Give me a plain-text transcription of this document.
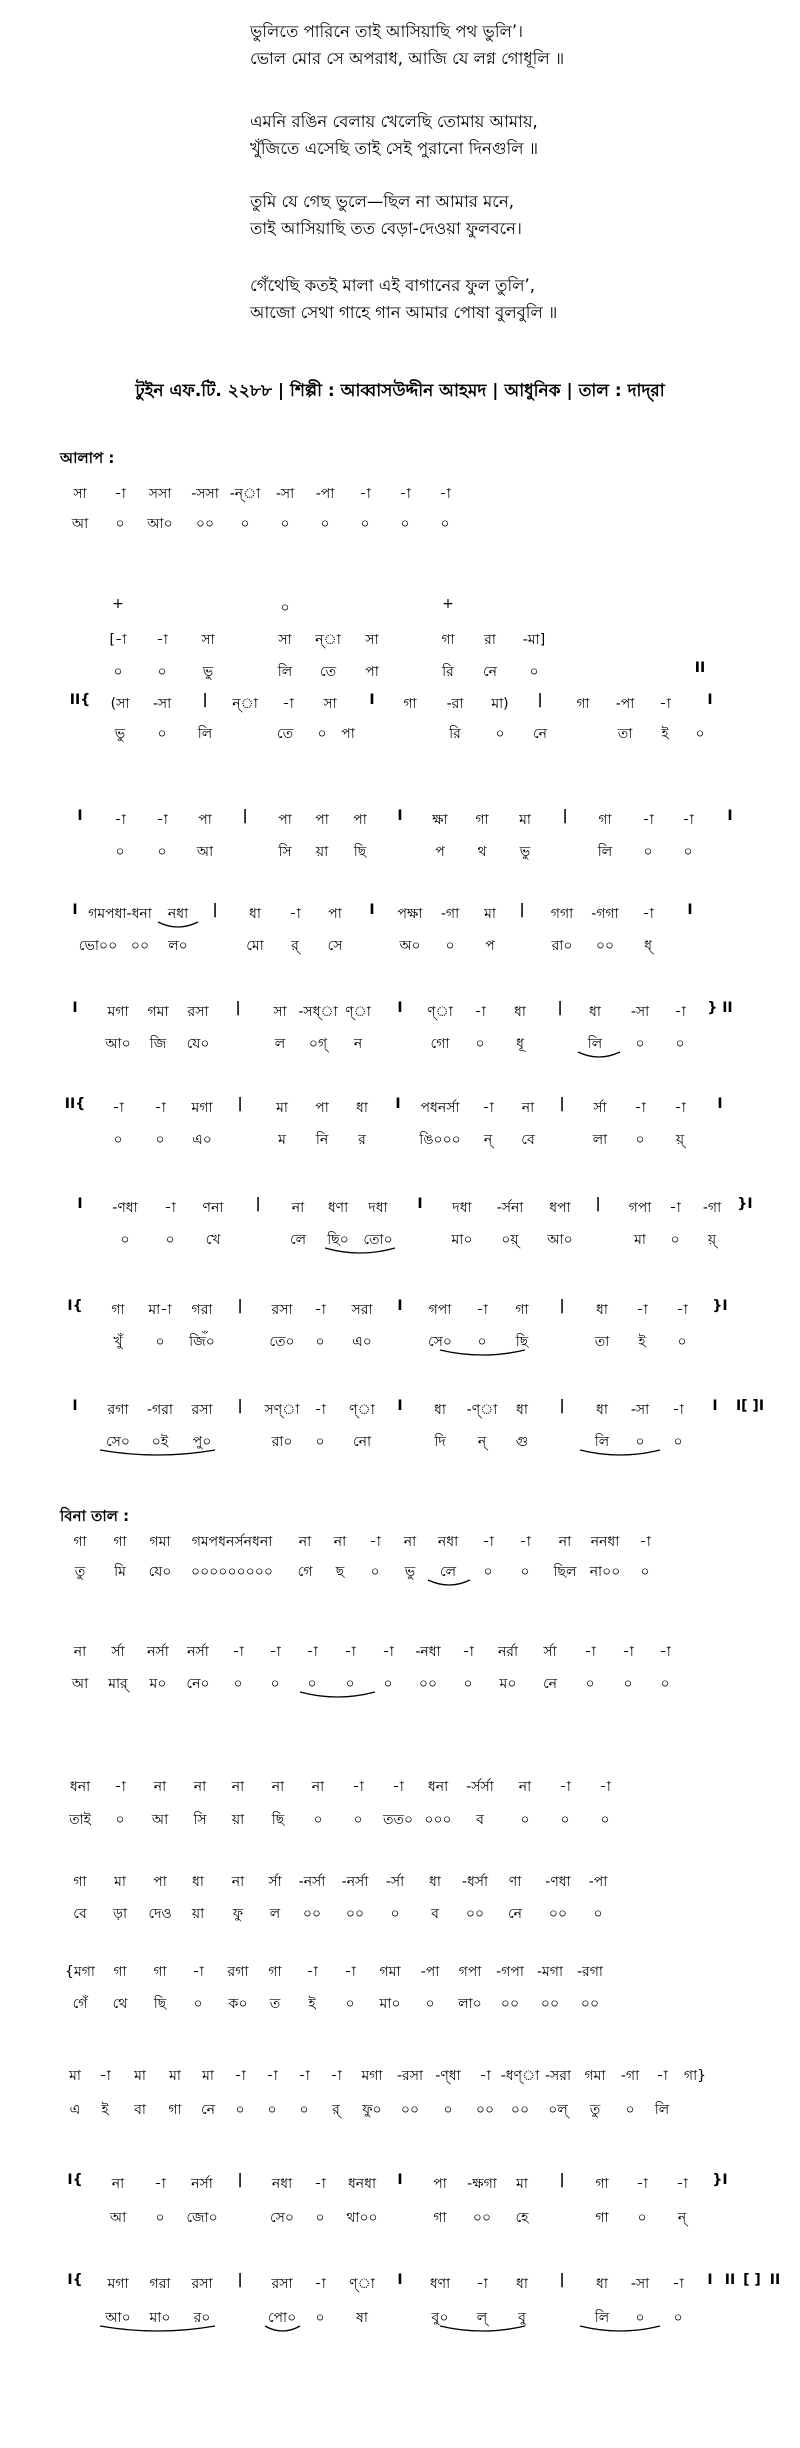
ভুলিতে পারিনে তাই আসিয়াছি পথ ভুলি’।
ভোল মোর সে অপরাধ, আজি যে লগ্ন গোধূলি ॥
এমনি রঙিন বেলায় খেলেছি তোমায় আমায়,
খুঁজিতে এসেছি তাই সেই পুরানো দিনগুলি ॥
তুমি যে গেছ ভুলে—ছিল না আমার মনে,
তাই আসিয়াছি তত বেড়া-দেওয়া ফুলবনে।
গেঁথেছি কতই মালা এই বাগানের ফুল তুলি’,
আজো সেথা গাহে গান আমার পোষা বুলবুলি ॥
টুইন এফ.টি. ২২৮৮ | শিল্পী : আব্বাসউদ্দীন আহমদ | আধুনিক | তাল : দাদ্‌রা
আলাপ :
বিনা তাল :
সা -া সসা -সসা -ন্া -সা -পা -া -া -া
আ ০ আ০ ০০ ০ ০ ০ ০ ০ ০
+	০	+
[-া -া সা	সা ন্া সা	গা রা -মা]
০ ০	ভু	লি তে পা	রি নে ০	II
II{ (সা -সা | ন্া -া সা I গা -রা মা) | গা -পা -া	I
ভু ০ লি	তে ০ পা	রি ০ নে	তা ই ০
I -া -া পা | পা পা পা I ক্ষা গা মা | গা -া -া I
০ ০ আ	সি য়া ছি	প থ ভু	লি ০ ০
I গমপধা-ধনা নধা | ধা -া পা I পক্ষা -গা মা | গগা -গগা -া I
ভো০০ ০০ ল০	মো র্ সে	অ০ ০ প	রা০ ০০ ধ্
I মগা গমা রসা | সা -সধ্া ণ্া I ণ্া -া ধা | ধা -সা -া } II
আ০ জি যে০	ল ০গ্ ন	গো ০ ধূ	লি ০ ০
II{ -া -া মগা | মা পা ধা I পধনর্সা -া না | র্সা -া -া I
০ ০ এ০	ম নি র	ঙি০০০ ন্ বে	লা ০ য়্
I -ণধা -া ণনা | না ধণা দধা I দধা -র্সনা ধপা | গপা -া -গা }I
০	০ খে	লে ছি০ তো০	মা০ ০য়্ আ০	মা ০ য়্
I{ গা মা-া গরা | রসা -া সরা I গপা -া গা | ধা -া -া }I
খুঁ ০ জিঁ০	তে০ ০ এ০	সে০ ০ ছি	তা ই ০
I রগা -গরা রসা | সণ্া -া ণ্া I ধা -ণ্া ধা | ধা -সা -া I I[ ]I
সে০ ০ই পু০	রা০ ০ নো	দি ন্ গু	লি ০ ০
গা গা গমা গমপধনর্সনধনা না না -া না নধা -া -া না ননধা -া
তু মি যে০ ০০০০০০০০০ গে ছ ০ ভু লে ০ ০ ছিল না০০ ০
না র্সা নর্সা নর্সা -া -া -া -া -া -নধা -া নর্রা র্সা -া -া -া
আ মার্ ম০ নে০ ০ ০ ০ ০ ০ ০০ ০ ম০ নে ০ ০ ০
ধনা -া না না না না না -া -া ধনা -র্সর্সা না -া -া
তাই ০ আ সি য়া ছি ০ ০ তত০ ০০০ ব	০ ০ ০
গা মা পা ধা না র্সা -নর্সা -নর্সা -র্সা ধা -ধর্সা ণা -ণধা -পা
বে ড়া দেও য়া ফু ল ০০ ০০ ০ ব ০০ নে ০০ ০
{মগা গা গা -া রগা গা -া -া গমা -পা গপা -গপা -মগা -রগা
গেঁ থে ছি ০ ক০ ত ই ০ মা০ ০ লা০ ০০ ০০ ০০
মা -া মা মা মা -া -া -া -া মগা -রসা -ণ্ধা -া -ধণ্া -সরা গমা -গা -া গা}
এ ই বা গা নে ০ ০ ০ র্ ফু০ ০০ ০ ০০ ০০ ০ল্ তু ০ লি
I{ না -া নর্সা | নধা -া ধনধা I পা -ক্ষগা মা | গা -া -া }I
আ ০ জো০	সে০ ০ থা০০	গা ০০ হে	গা ০ ন্
I{ মগা গরা রসা | রসা -া ণ্া I ধণা -া ধা | ধা -সা -া I II [ ] II
আ০ মা০ র০	পো০ ০ ষা	বু০ ল্ বু	লি ০ ০
